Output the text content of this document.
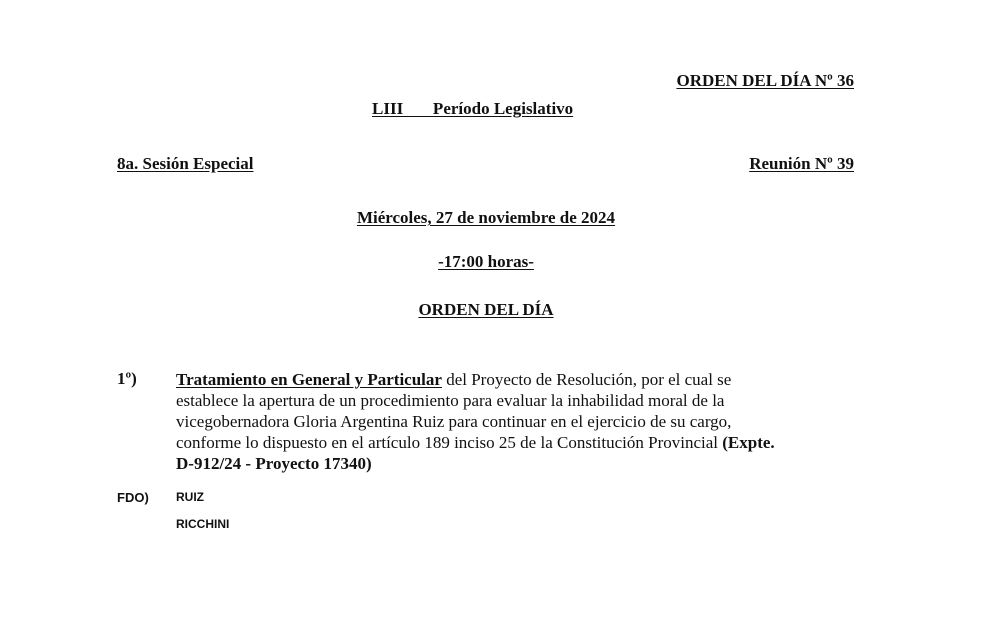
ORDEN DEL DÍA Nº 36
LIII       Período Legislativo
8a. Sesión Especial	Reunión Nº 39
Miércoles, 27 de noviembre de 2024
-17:00 horas-
ORDEN DEL DÍA
1º) Tratamiento en General y Particular del Proyecto de Resolución, por el cual se
establece la apertura de un procedimiento para evaluar la inhabilidad moral de la
vicegobernadora Gloria Argentina Ruiz para continuar en el ejercicio de su cargo,
conforme lo dispuesto en el artículo 189 inciso 25 de la Constitución Provincial (Expte.
D-912/24 - Proyecto 17340)
FDO) RUIZ
RICCHINI
